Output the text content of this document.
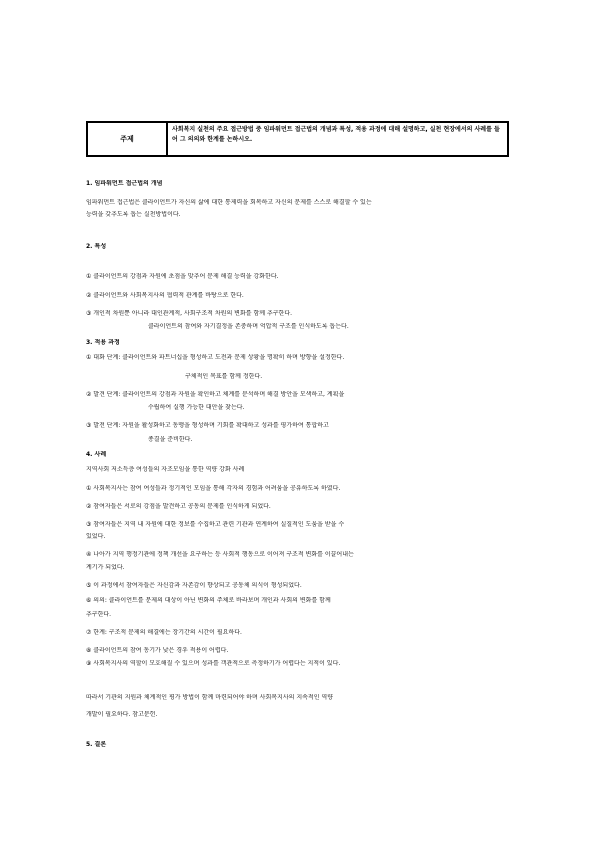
주제
사회복지 실천의 주요 접근방법 중 임파워먼트 접근법의 개념과 특성, 적용 과정에 대해 설명하고, 실천 현장에서의 사례를 들어 그 의의와 한계를 논하시오.
1. 임파워먼트 접근법의 개념
임파워먼트 접근법은 클라이언트가 자신의 삶에 대한 통제력을 회복하고 자신의 문제를 스스로 해결할 수 있는
능력을 갖추도록 돕는 실천방법이다.
2. 특성
① 클라이언트의 강점과 자원에 초점을 맞추어 문제 해결 능력을 강화한다.
② 클라이언트와 사회복지사의 협력적 관계를 바탕으로 한다.
③ 개인적 차원뿐 아니라 대인관계적, 사회구조적 차원의 변화를 함께 추구한다.
클라이언트의 참여와 자기결정을 존중하며 억압적 구조를 인식하도록 돕는다.
3. 적용 과정
① 대화 단계: 클라이언트와 파트너십을 형성하고 도전과 문제 상황을 명확히 하며 방향을 설정한다.
구체적인 목표를 함께 정한다.
② 발견 단계: 클라이언트의 강점과 자원을 확인하고 체계를 분석하며 해결 방안을 모색하고, 계획을
수립하여 실행 가능한 대안을 찾는다.
③ 발전 단계: 자원을 활성화하고 동맹을 형성하며 기회를 확대하고 성과를 평가하여 통합하고
종결을 준비한다.
4. 사례
지역사회 저소득층 여성들의 자조모임을 통한 역량 강화 사례
① 사회복지사는 참여 여성들과 정기적인 모임을 통해 각자의 경험과 어려움을 공유하도록 하였다.
② 참여자들은 서로의 강점을 발견하고 공동의 문제를 인식하게 되었다.
③ 참여자들은 지역 내 자원에 대한 정보를 수집하고 관련 기관과 연계하여 실질적인 도움을 받을 수
있었다.
④ 나아가 지역 행정기관에 정책 개선을 요구하는 등 사회적 행동으로 이어져 구조적 변화를 이끌어내는
계기가 되었다.
⑤ 이 과정에서 참여자들은 자신감과 자존감이 향상되고 공동체 의식이 형성되었다.
⑥ 의의: 클라이언트를 문제의 대상이 아닌 변화의 주체로 바라보며 개인과 사회의 변화를 함께
추구한다.
⑦ 한계: 구조적 문제의 해결에는 장기간의 시간이 필요하다.
⑧ 클라이언트의 참여 동기가 낮은 경우 적용이 어렵다.
⑨ 사회복지사의 역할이 모호해질 수 있으며 성과를 객관적으로 측정하기가 어렵다는 지적이 있다.
따라서 기관의 지원과 체계적인 평가 방법이 함께 마련되어야 하며 사회복지사의 지속적인 역량
개발이 필요하다. 참고문헌.
5. 결론
